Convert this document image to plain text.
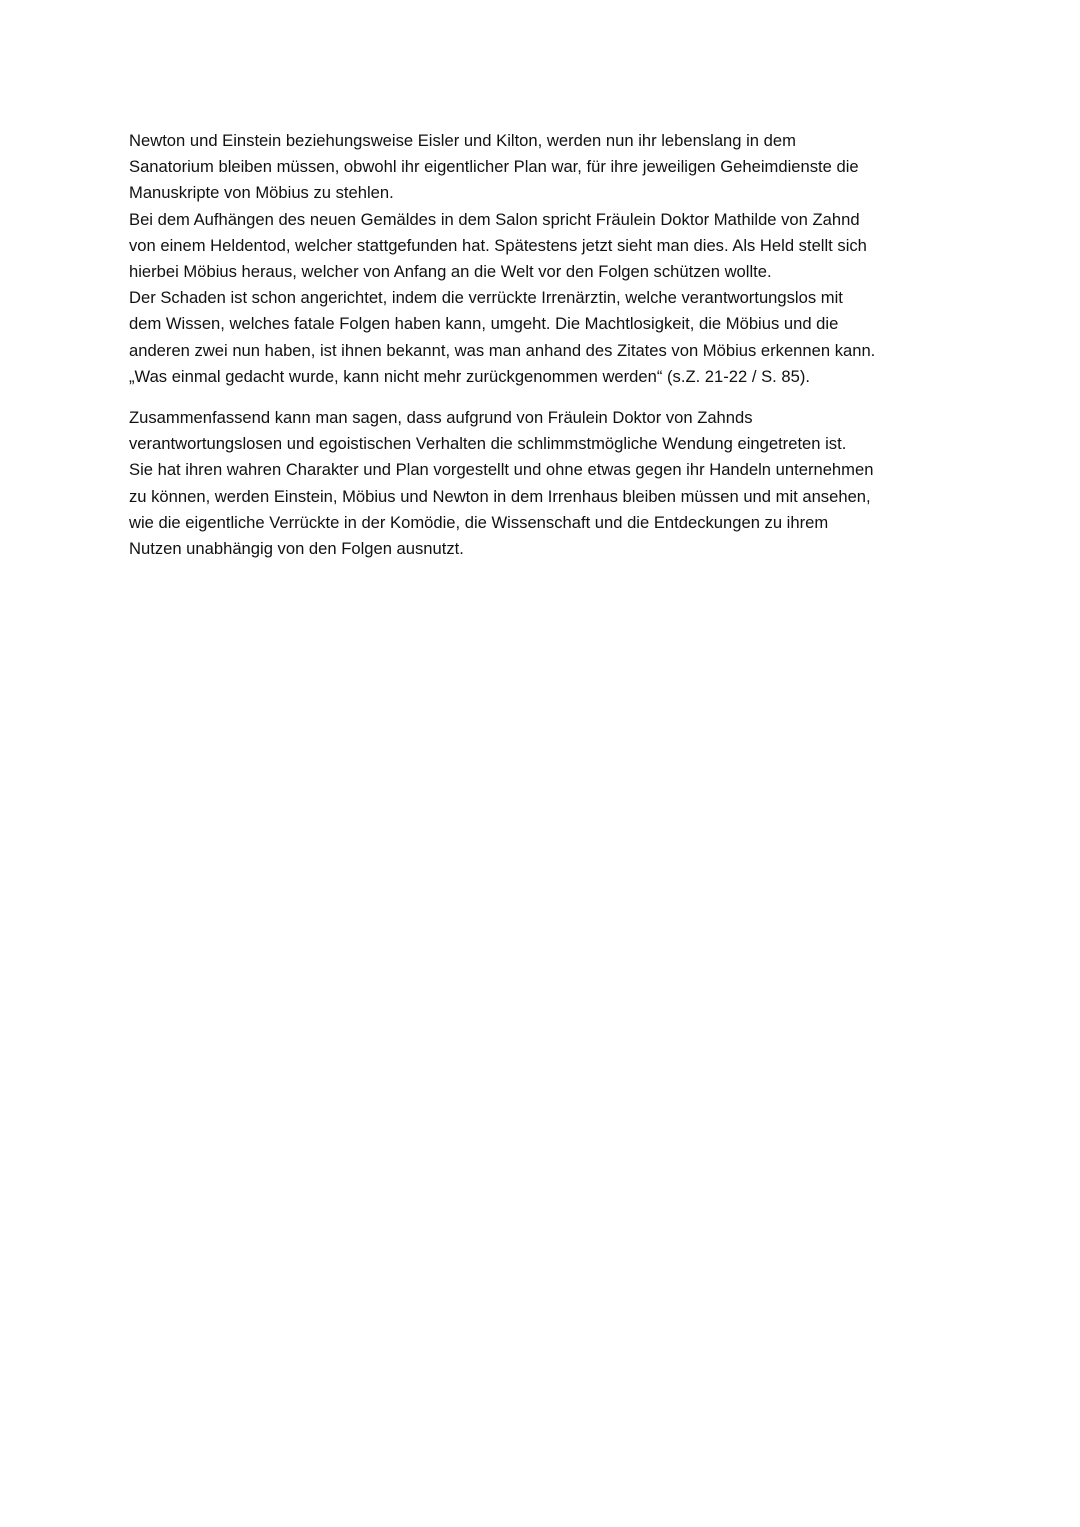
Newton und Einstein beziehungsweise Eisler und Kilton, werden nun ihr lebenslang in dem
Sanatorium bleiben müssen, obwohl ihr eigentlicher Plan war, für ihre jeweiligen Geheimdienste die
Manuskripte von Möbius zu stehlen.
Bei dem Aufhängen des neuen Gemäldes in dem Salon spricht Fräulein Doktor Mathilde von Zahnd
von einem Heldentod, welcher stattgefunden hat. Spätestens jetzt sieht man dies. Als Held stellt sich
hierbei Möbius heraus, welcher von Anfang an die Welt vor den Folgen schützen wollte.
Der Schaden ist schon angerichtet, indem die verrückte Irrenärztin, welche verantwortungslos mit
dem Wissen, welches fatale Folgen haben kann, umgeht. Die Machtlosigkeit, die Möbius und die
anderen zwei nun haben, ist ihnen bekannt, was man anhand des Zitates von Möbius erkennen kann.
„Was einmal gedacht wurde, kann nicht mehr zurückgenommen werden“ (s.Z. 21-22 / S. 85).
Zusammenfassend kann man sagen, dass aufgrund von Fräulein Doktor von Zahnds
verantwortungslosen und egoistischen Verhalten die schlimmstmögliche Wendung eingetreten ist.
Sie hat ihren wahren Charakter und Plan vorgestellt und ohne etwas gegen ihr Handeln unternehmen
zu können, werden Einstein, Möbius und Newton in dem Irrenhaus bleiben müssen und mit ansehen,
wie die eigentliche Verrückte in der Komödie, die Wissenschaft und die Entdeckungen zu ihrem
Nutzen unabhängig von den Folgen ausnutzt.
